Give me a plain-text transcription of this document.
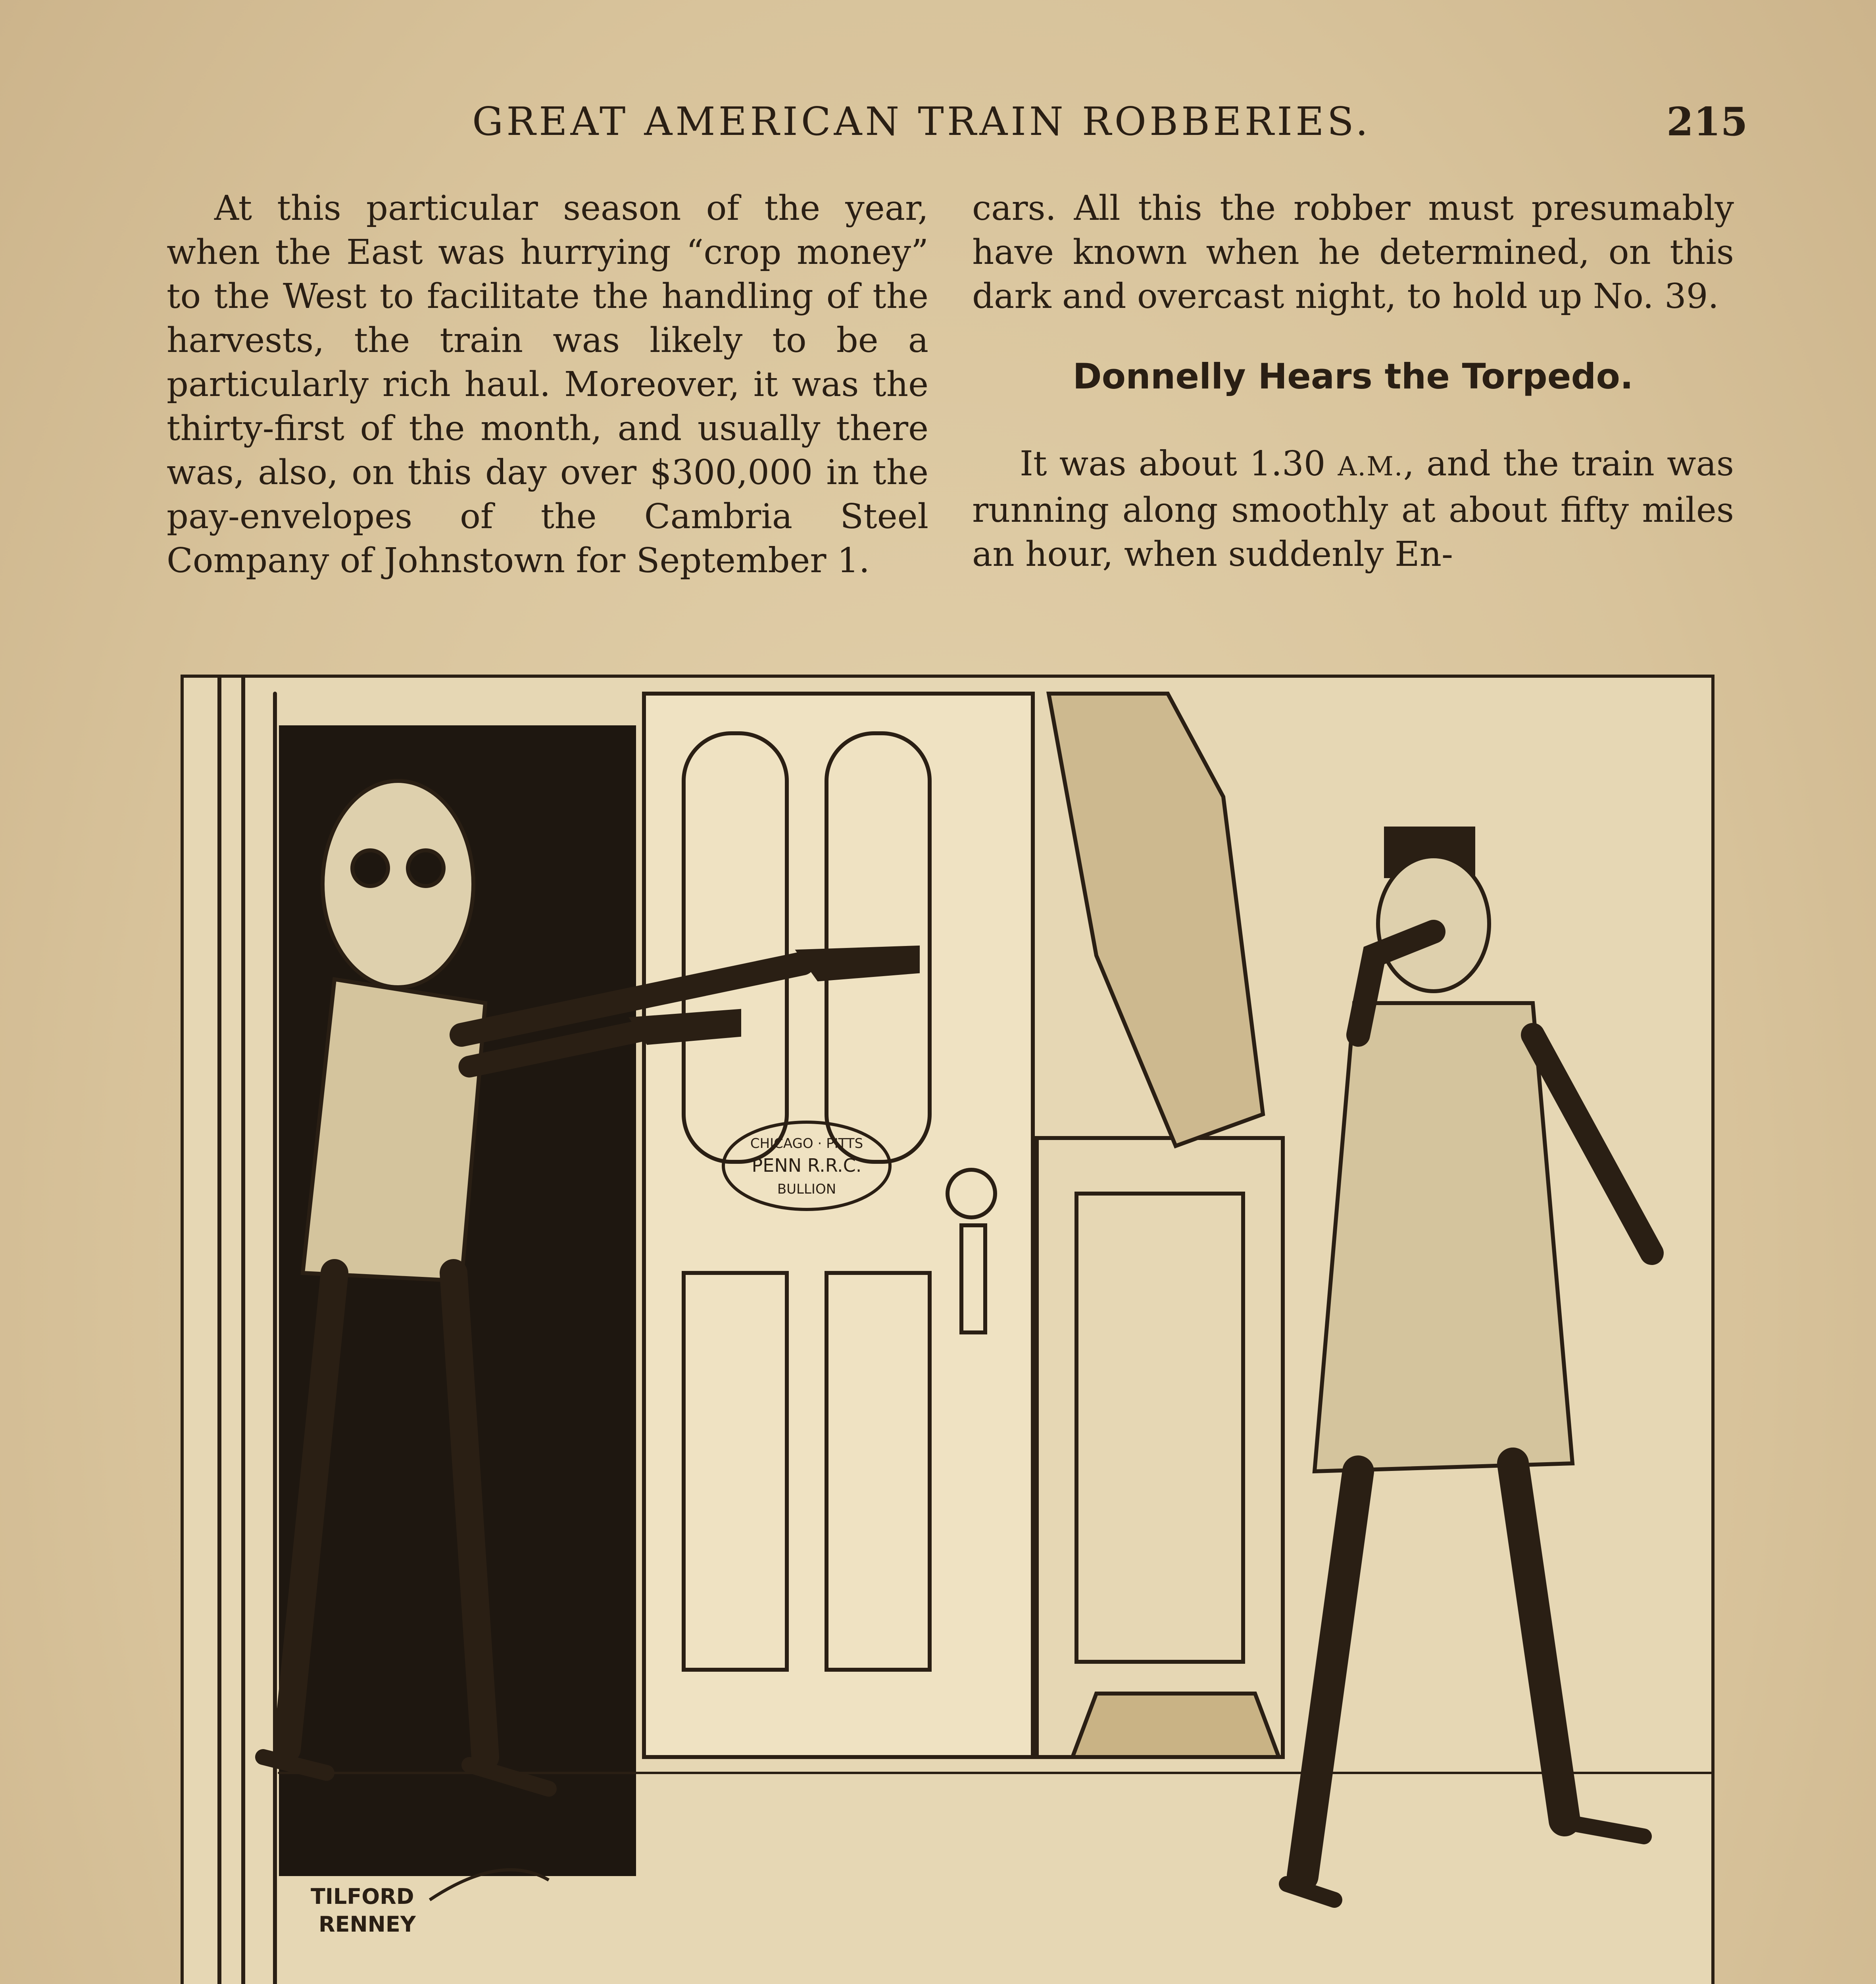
GREAT AMERICAN TRAIN ROBBERIES.	215

At this particular season of the year, when the East was hurrying “crop money” to the West to facilitate the handling of the harvests, the train was likely to be a particularly rich haul. Moreover, it was the thirty-first of the month, and usually there was, also, on this day over $300,000 in the pay-envelopes of the Cambria Steel Company of Johnstown for September 1.

cars. All this the robber must presumably have known when he determined, on this dark and overcast night, to hold up No. 39.

Donnelly Hears the Torpedo.

It was about 1.30 A.M., and the train was running along smoothly at about fifty miles an hour, when suddenly En-

CHICAGO · PITTS
PENN R.R.C.
BULLION
TILFORD
RENNEY
